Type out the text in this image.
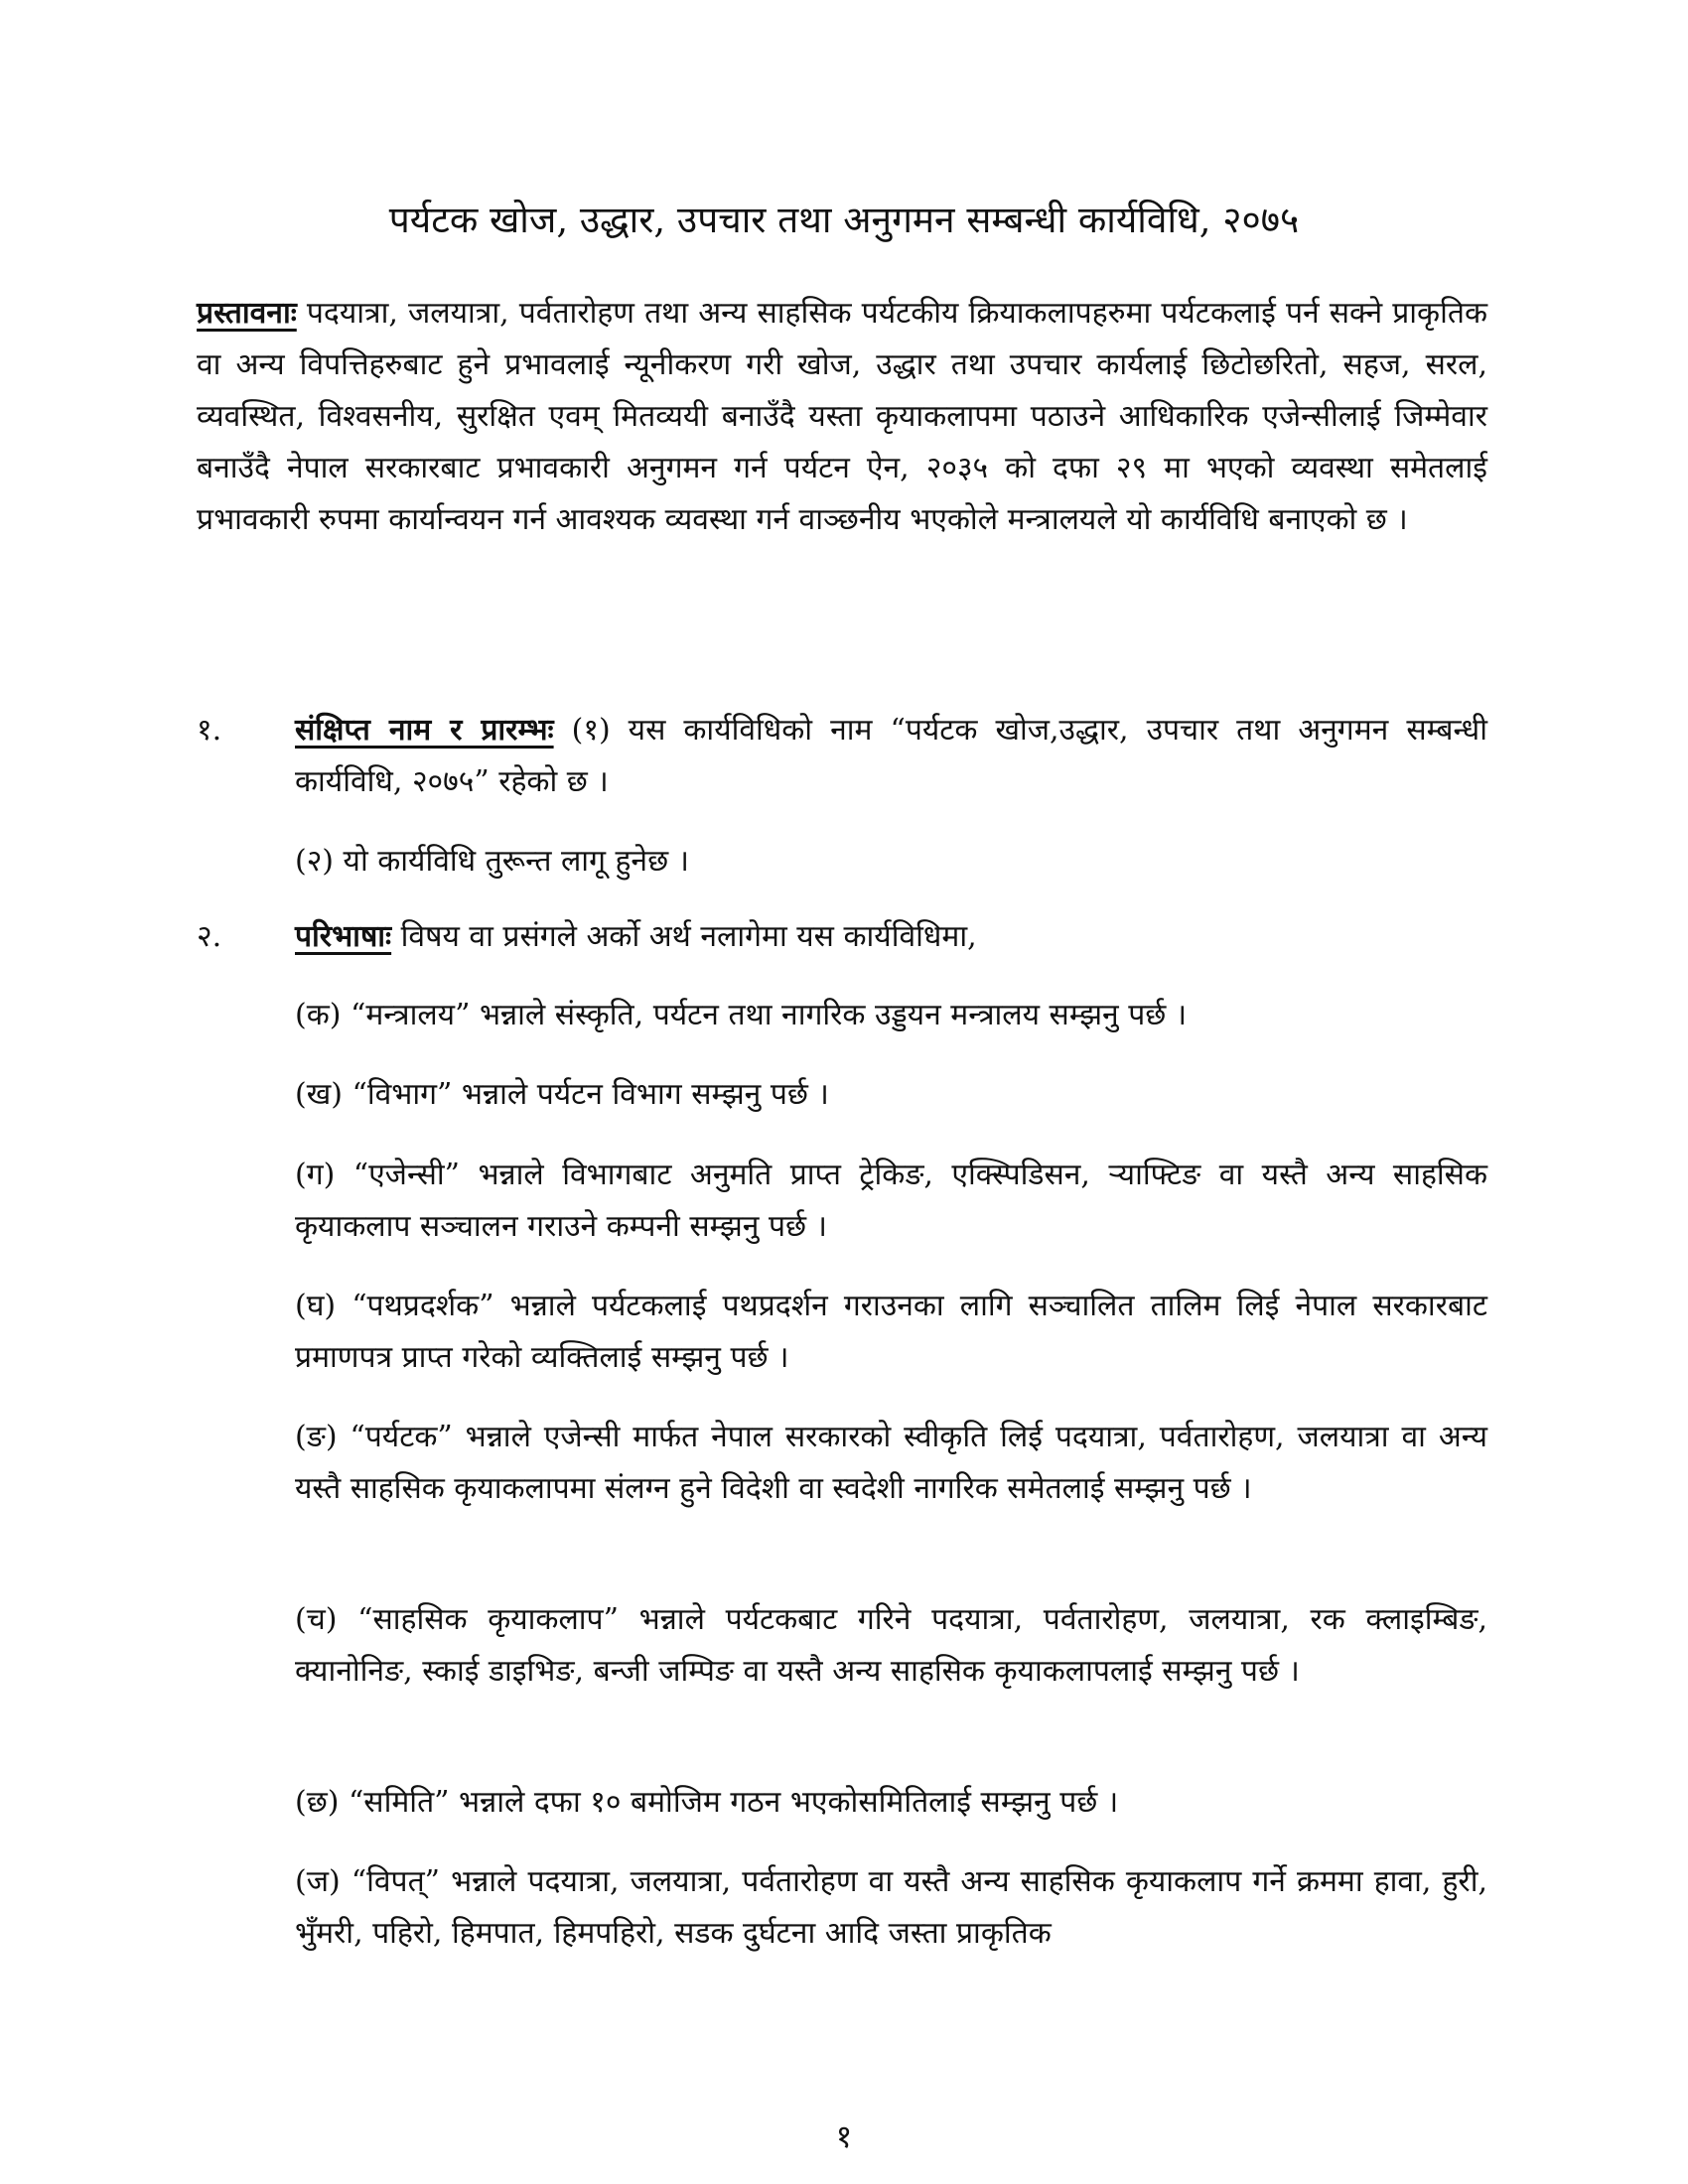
पर्यटक खोज, उद्धार, उपचार तथा अनुगमन सम्बन्धी कार्यविधि, २०७५

प्रस्तावनाः पदयात्रा, जलयात्रा, पर्वतारोहण तथा अन्य साहसिक पर्यटकीय क्रियाकलापहरुमा पर्यटकलाई पर्न सक्ने प्राकृतिक वा अन्य विपत्तिहरुबाट हुने प्रभावलाई न्यूनीकरण गरी खोज, उद्धार तथा उपचार कार्यलाई छिटोछरितो, सहज, सरल, व्यवस्थित, विश्वसनीय, सुरक्षित एवम् मितव्ययी बनाउँदै यस्ता कृयाकलापमा पठाउने आधिकारिक एजेन्सीलाई जिम्मेवार बनाउँदै नेपाल सरकारबाट प्रभावकारी अनुगमन गर्न पर्यटन ऐन, २०३५ को दफा २९ मा भएको व्यवस्था समेतलाई प्रभावकारी रुपमा कार्यान्वयन गर्न आवश्यक व्यवस्था गर्न वाञ्छनीय भएकोले मन्त्रालयले यो कार्यविधि बनाएको छ ।

१. संक्षिप्त नाम र प्रारम्भः (१) यस कार्यविधिको नाम “पर्यटक खोज,उद्धार, उपचार तथा अनुगमन सम्बन्धी कार्यविधि, २०७५” रहेको छ ।

(२) यो कार्यविधि तुरून्त लागू हुनेछ ।

२. परिभाषाः विषय वा प्रसंगले अर्को अर्थ नलागेमा यस कार्यविधिमा,

(क) “मन्त्रालय” भन्नाले संस्कृति, पर्यटन तथा नागरिक उड्डयन मन्त्रालय सम्झनु पर्छ ।

(ख) “विभाग” भन्नाले पर्यटन विभाग सम्झनु पर्छ ।

(ग) “एजेन्सी” भन्नाले विभागबाट अनुमति प्राप्त ट्रेकिङ, एक्स्पिडिसन, र्‍याफ्टिङ वा यस्तै अन्य साहसिक कृयाकलाप सञ्चालन गराउने कम्पनी सम्झनु पर्छ ।

(घ) “पथप्रदर्शक” भन्नाले पर्यटकलाई पथप्रदर्शन गराउनका लागि सञ्चालित तालिम लिई नेपाल सरकारबाट प्रमाणपत्र प्राप्त गरेको व्यक्तिलाई सम्झनु पर्छ ।

(ङ) “पर्यटक” भन्नाले एजेन्सी मार्फत नेपाल सरकारको स्वीकृति लिई पदयात्रा, पर्वतारोहण, जलयात्रा वा अन्य यस्तै साहसिक कृयाकलापमा संलग्न हुने विदेशी वा स्वदेशी नागरिक समेतलाई सम्झनु पर्छ ।

(च) “साहसिक कृयाकलाप” भन्नाले पर्यटकबाट गरिने पदयात्रा, पर्वतारोहण, जलयात्रा, रक क्लाइम्बिङ, क्यानोनिङ, स्काई डाइभिङ, बन्जी जम्पिङ वा यस्तै अन्य साहसिक कृयाकलापलाई सम्झनु पर्छ ।

(छ) “समिति” भन्नाले दफा १० बमोजिम गठन भएकोसमितिलाई सम्झनु पर्छ ।

(ज) “विपत्” भन्नाले पदयात्रा, जलयात्रा, पर्वतारोहण वा यस्तै अन्य साहसिक कृयाकलाप गर्ने क्रममा हावा, हुरी, भुँमरी, पहिरो, हिमपात, हिमपहिरो, सडक दुर्घटना आदि जस्ता प्राकृतिक

१
